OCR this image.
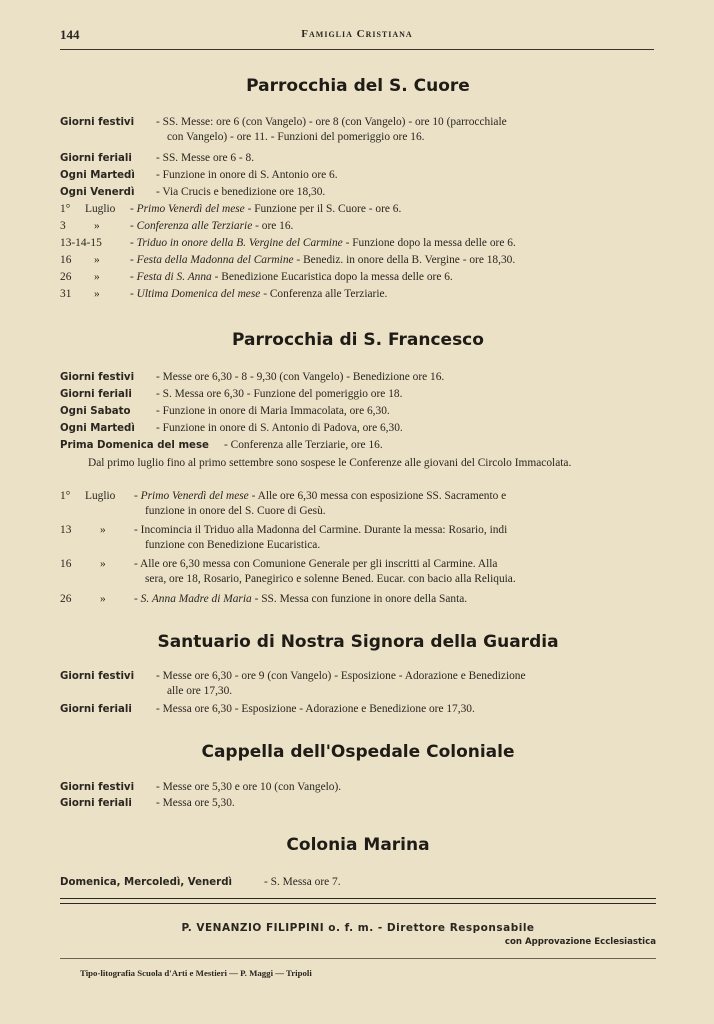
144	Famiglia Cristiana
Parrocchia del S. Cuore
Giorni festivi - SS. Messe: ore 6 (con Vangelo) - ore 8 (con Vangelo) - ore 10 (parrocchiale
con Vangelo) - ore 11. - Funzioni del pomeriggio ore 16.
Giorni feriali - SS. Messe ore 6 - 8.
Ogni Martedì - Funzione in onore di S. Antonio ore 6.
Ogni Venerdì - Via Crucis e benedizione ore 18,30.
1° Luglio - Primo Venerdì del mese - Funzione per il S. Cuore - ore 6.
3 »	- Conferenza alle Terziarie - ore 16.
13-14-15 - Triduo in onore della B. Vergine del Carmine - Funzione dopo la messa delle ore 6.
16 »	- Festa della Madonna del Carmine - Benediz. in onore della B. Vergine - ore 18,30.
26 »	- Festa di S. Anna - Benedizione Eucaristica dopo la messa delle ore 6.
31 »	- Ultima Domenica del mese - Conferenza alle Terziarie.
Parrocchia di S. Francesco
Giorni festivi - Messe ore 6,30 - 8 - 9,30 (con Vangelo) - Benedizione ore 16.
Giorni feriali - S. Messa ore 6,30 - Funzione del pomeriggio ore 18.
Ogni Sabato - Funzione in onore di Maria Immacolata, ore 6,30.
Ogni Martedì - Funzione in onore di S. Antonio di Padova, ore 6,30.
Prima Domenica del mese - Conferenza alle Terziarie, ore 16.
Dal primo luglio fino al primo settembre sono sospese le Conferenze alle giovani del Circolo Immacolata.
1° Luglio - Primo Venerdì del mese - Alle ore 6,30 messa con esposizione SS. Sacramento e
funzione in onore del S. Cuore di Gesù.
13	» - Incomincia il Triduo alla Madonna del Carmine. Durante la messa: Rosario, indi
funzione con Benedizione Eucaristica.
16	» - Alle ore 6,30 messa con Comunione Generale per gli inscritti al Carmine. Alla
sera, ore 18, Rosario, Panegirico e solenne Bened. Eucar. con bacio alla Reliquia.
26	» - S. Anna Madre di Maria - SS. Messa con funzione in onore della Santa.
Santuario di Nostra Signora della Guardia
Giorni festivi - Messe ore 6,30 - ore 9 (con Vangelo) - Esposizione - Adorazione e Benedizione
alle ore 17,30.
Giorni feriali - Messa ore 6,30 - Esposizione - Adorazione e Benedizione ore 17,30.
Cappella dell'Ospedale Coloniale
Giorni festivi - Messe ore 5,30 e ore 10 (con Vangelo).
Giorni feriali - Messa ore 5,30.
Colonia Marina
Domenica, Mercoledì, Venerdì	- S. Messa ore 7.
P. VENANZIO FILIPPINI o. f. m. - Direttore Responsabile
con Approvazione Ecclesiastica
Tipo-litografia Scuola d'Arti e Mestieri — P. Maggi — Tripoli
